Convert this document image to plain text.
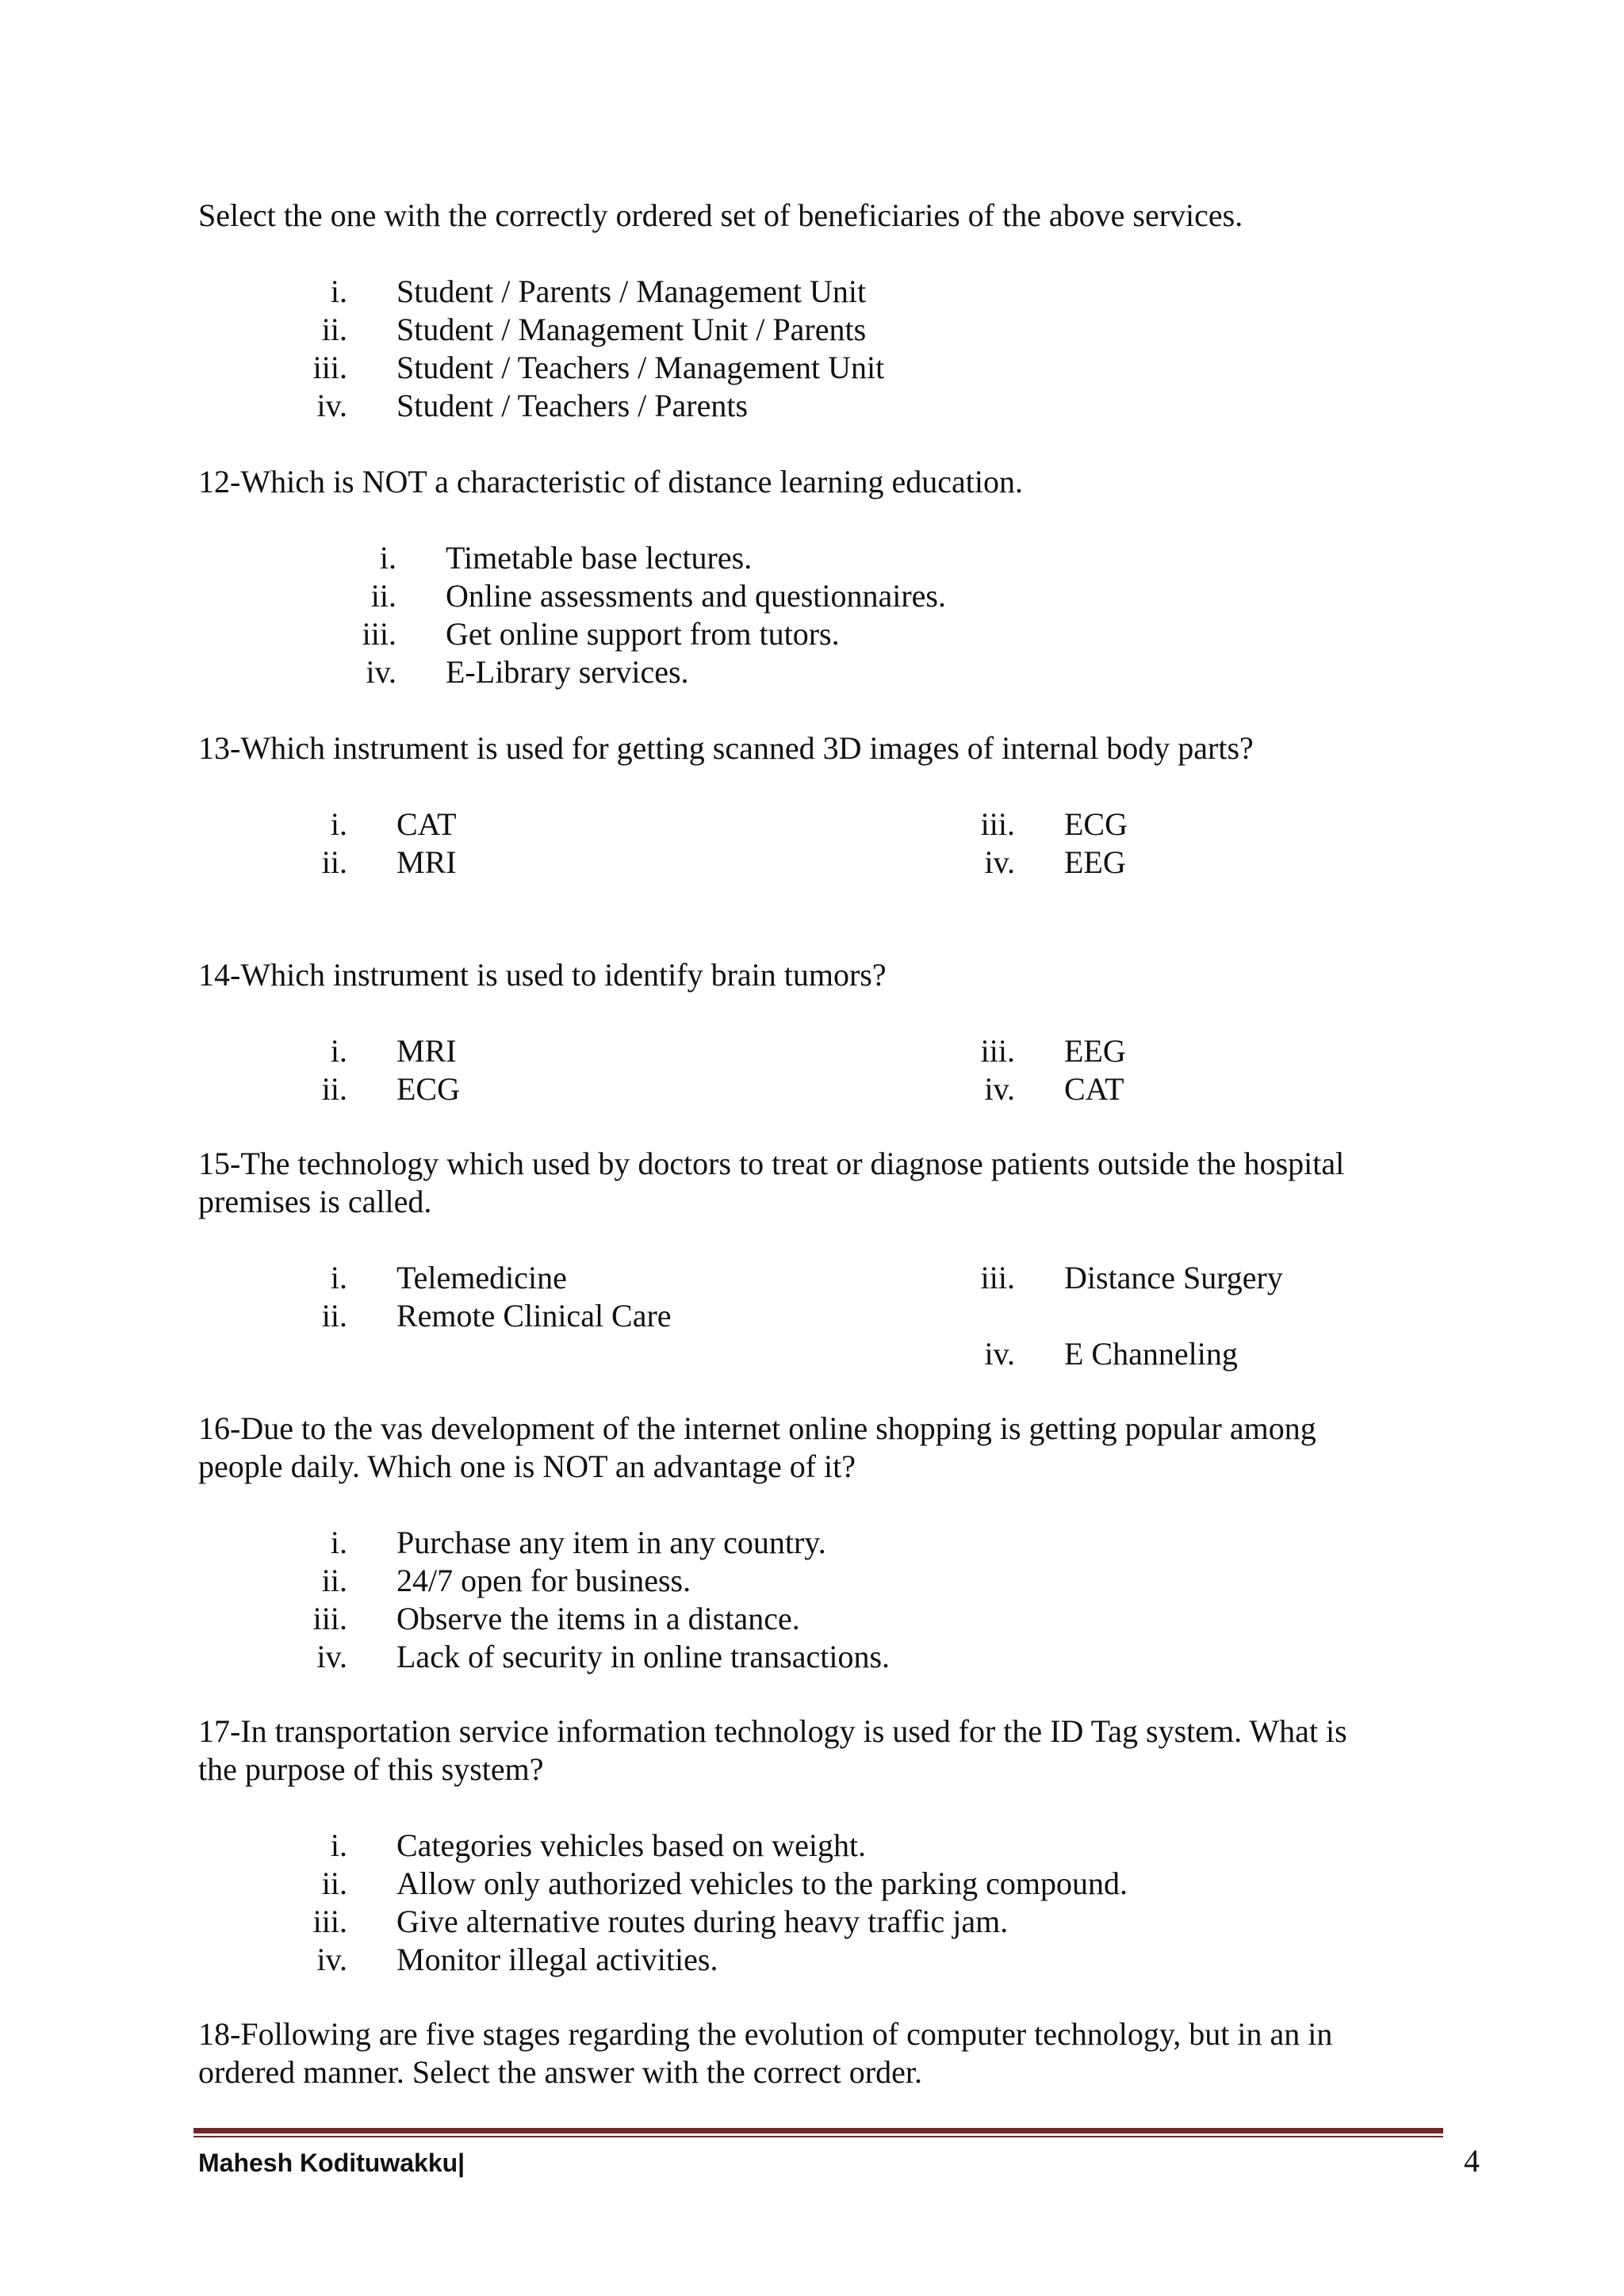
Select the one with the correctly ordered set of beneficiaries of the above services.
i. Student / Parents / Management Unit
ii. Student / Management Unit / Parents
iii. Student / Teachers / Management Unit
iv. Student / Teachers / Parents
12-Which is NOT a characteristic of distance learning education.
i. Timetable base lectures.
ii. Online assessments and questionnaires.
iii. Get online support from tutors.
iv. E-Library services.
13-Which instrument is used for getting scanned 3D images of internal body parts?
i. CAT
ii. MRI
iii. ECG
iv. EEG
14-Which instrument is used to identify brain tumors?
i. MRI
ii. ECG
iii. EEG
iv. CAT
15-The technology which used by doctors to treat or diagnose patients outside the hospital
premises is called.
i. Telemedicine
ii. Remote Clinical Care
iii. Distance Surgery
iv. E Channeling
16-Due to the vas development of the internet online shopping is getting popular among
people daily. Which one is NOT an advantage of it?
i. Purchase any item in any country.
ii. 24/7 open for business.
iii. Observe the items in a distance.
iv. Lack of security in online transactions.
17-In transportation service information technology is used for the ID Tag system. What is
the purpose of this system?
i. Categories vehicles based on weight.
ii. Allow only authorized vehicles to the parking compound.
iii. Give alternative routes during heavy traffic jam.
iv. Monitor illegal activities.
18-Following are five stages regarding the evolution of computer technology, but in an in
ordered manner. Select the answer with the correct order.
Mahesh Kodituwakku|	4
